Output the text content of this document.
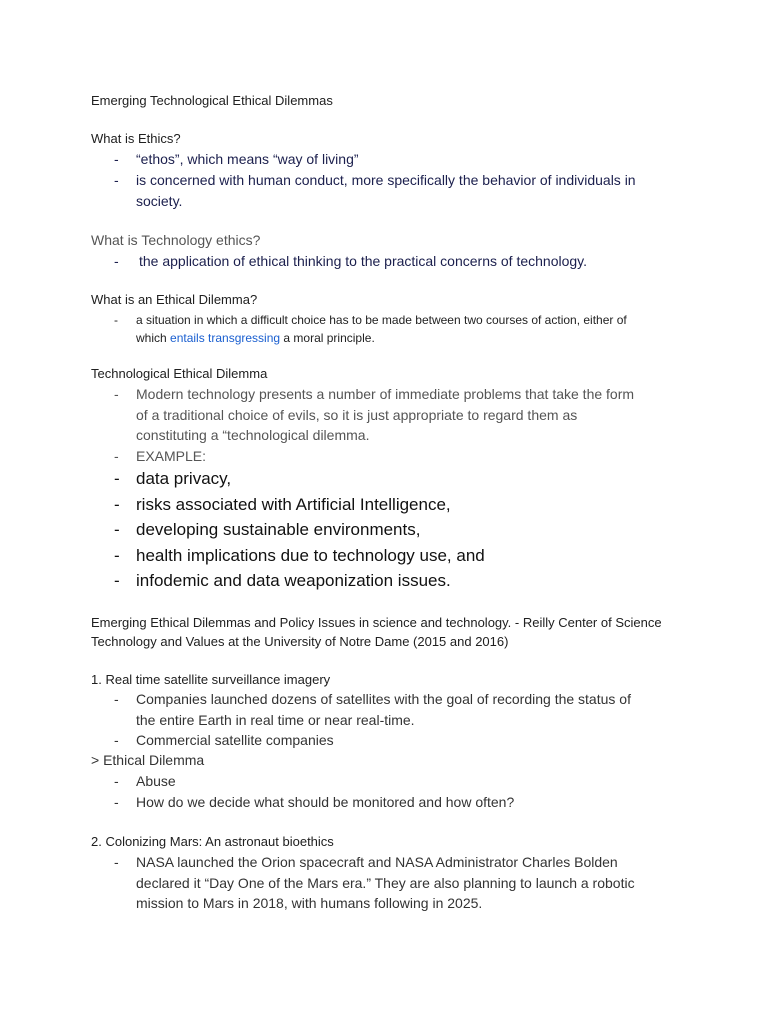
Emerging Technological Ethical Dilemmas
What is Ethics?
- “ethos”, which means “way of living”
- is concerned with human conduct, more specifically the behavior of individuals in society.
What is Technology ethics?
- the application of ethical thinking to the practical concerns of technology.
What is an Ethical Dilemma?
- a situation in which a difficult choice has to be made between two courses of action, either of which entails transgressing a moral principle.
Technological Ethical Dilemma
- Modern technology presents a number of immediate problems that take the form of a traditional choice of evils, so it is just appropriate to regard them as constituting a “technological dilemma.
- EXAMPLE:
- data privacy,
- risks associated with Artificial Intelligence,
- developing sustainable environments,
- health implications due to technology use, and
- infodemic and data weaponization issues.
Emerging Ethical Dilemmas and Policy Issues in science and technology. - Reilly Center of Science Technology and Values at the University of Notre Dame (2015 and 2016)
1. Real time satellite surveillance imagery
- Companies launched dozens of satellites with the goal of recording the status of the entire Earth in real time or near real-time.
- Commercial satellite companies
> Ethical Dilemma
- Abuse
- How do we decide what should be monitored and how often?
2. Colonizing Mars: An astronaut bioethics
- NASA launched the Orion spacecraft and NASA Administrator Charles Bolden declared it “Day One of the Mars era.” They are also planning to launch a robotic mission to Mars in 2018, with humans following in 2025.
